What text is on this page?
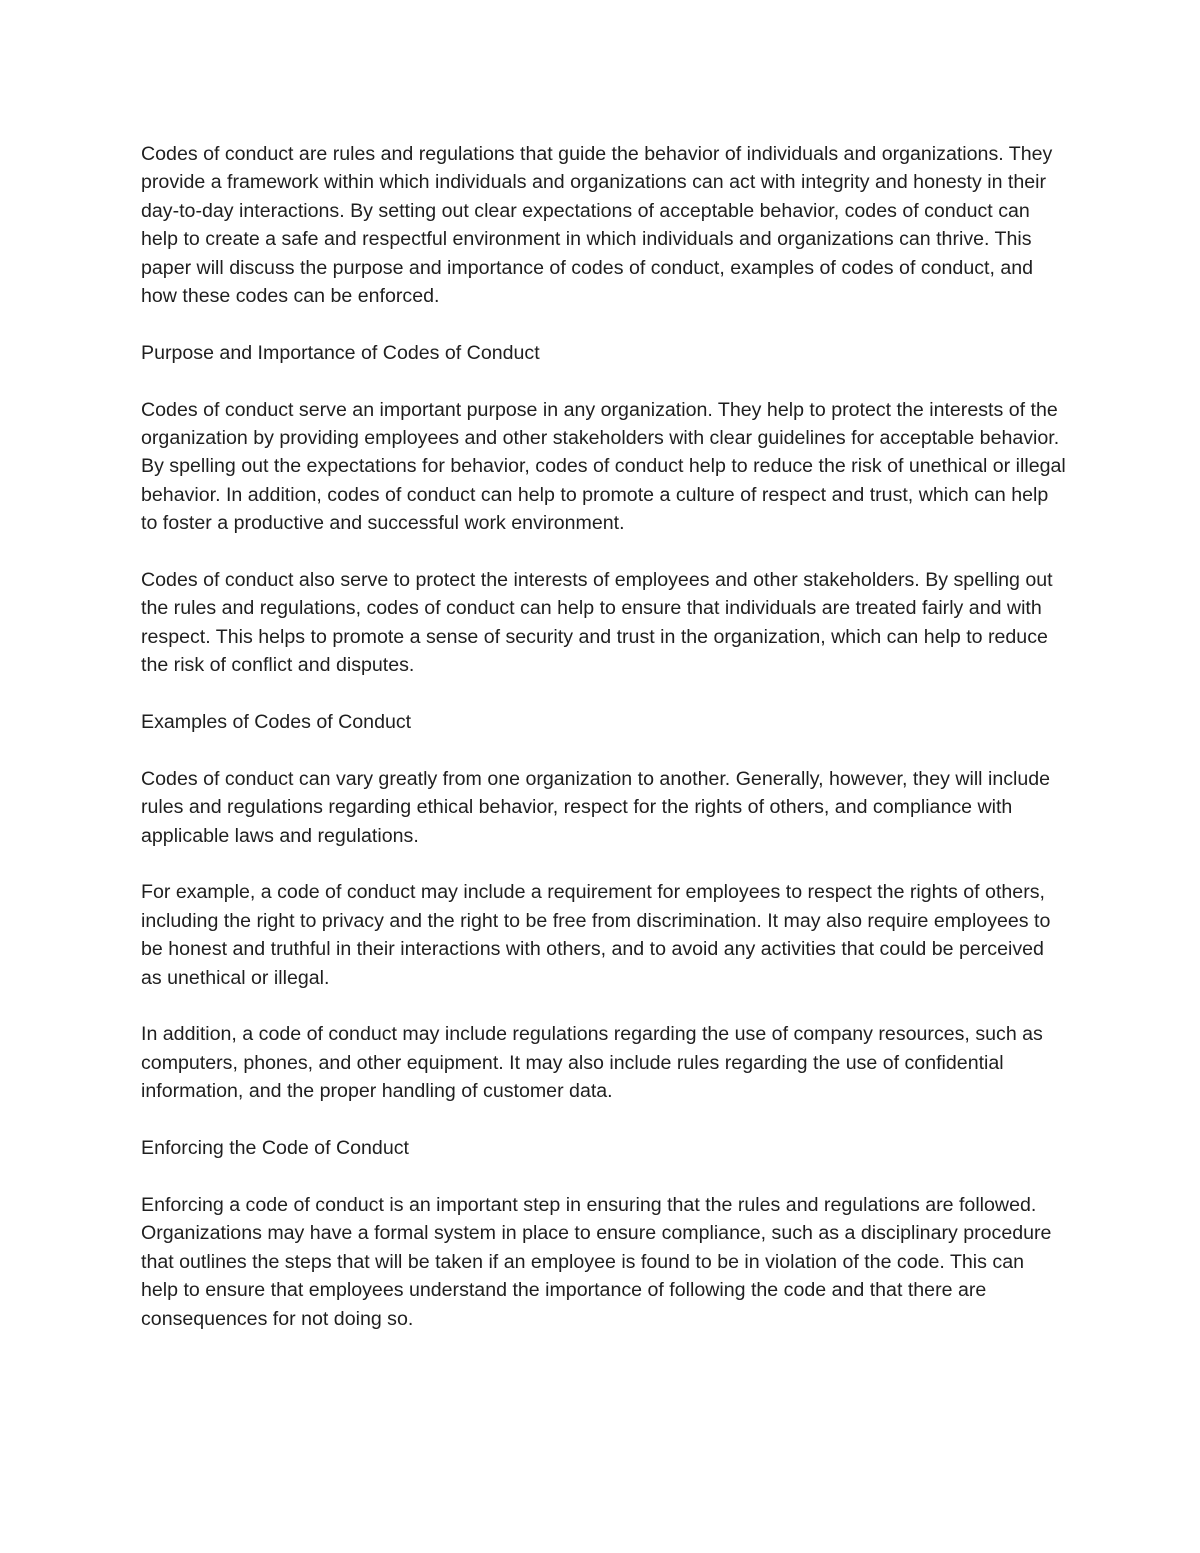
Codes of conduct are rules and regulations that guide the behavior of individuals and organizations. They provide a framework within which individuals and organizations can act with integrity and honesty in their day-to-day interactions. By setting out clear expectations of acceptable behavior, codes of conduct can help to create a safe and respectful environment in which individuals and organizations can thrive. This paper will discuss the purpose and importance of codes of conduct, examples of codes of conduct, and how these codes can be enforced.

Purpose and Importance of Codes of Conduct

Codes of conduct serve an important purpose in any organization. They help to protect the interests of the organization by providing employees and other stakeholders with clear guidelines for acceptable behavior. By spelling out the expectations for behavior, codes of conduct help to reduce the risk of unethical or illegal behavior. In addition, codes of conduct can help to promote a culture of respect and trust, which can help to foster a productive and successful work environment.

Codes of conduct also serve to protect the interests of employees and other stakeholders. By spelling out the rules and regulations, codes of conduct can help to ensure that individuals are treated fairly and with respect. This helps to promote a sense of security and trust in the organization, which can help to reduce the risk of conflict and disputes.

Examples of Codes of Conduct

Codes of conduct can vary greatly from one organization to another. Generally, however, they will include rules and regulations regarding ethical behavior, respect for the rights of others, and compliance with applicable laws and regulations.

For example, a code of conduct may include a requirement for employees to respect the rights of others, including the right to privacy and the right to be free from discrimination. It may also require employees to be honest and truthful in their interactions with others, and to avoid any activities that could be perceived as unethical or illegal.

In addition, a code of conduct may include regulations regarding the use of company resources, such as computers, phones, and other equipment. It may also include rules regarding the use of confidential information, and the proper handling of customer data.

Enforcing the Code of Conduct

Enforcing a code of conduct is an important step in ensuring that the rules and regulations are followed. Organizations may have a formal system in place to ensure compliance, such as a disciplinary procedure that outlines the steps that will be taken if an employee is found to be in violation of the code. This can help to ensure that employees understand the importance of following the code and that there are consequences for not doing so.
